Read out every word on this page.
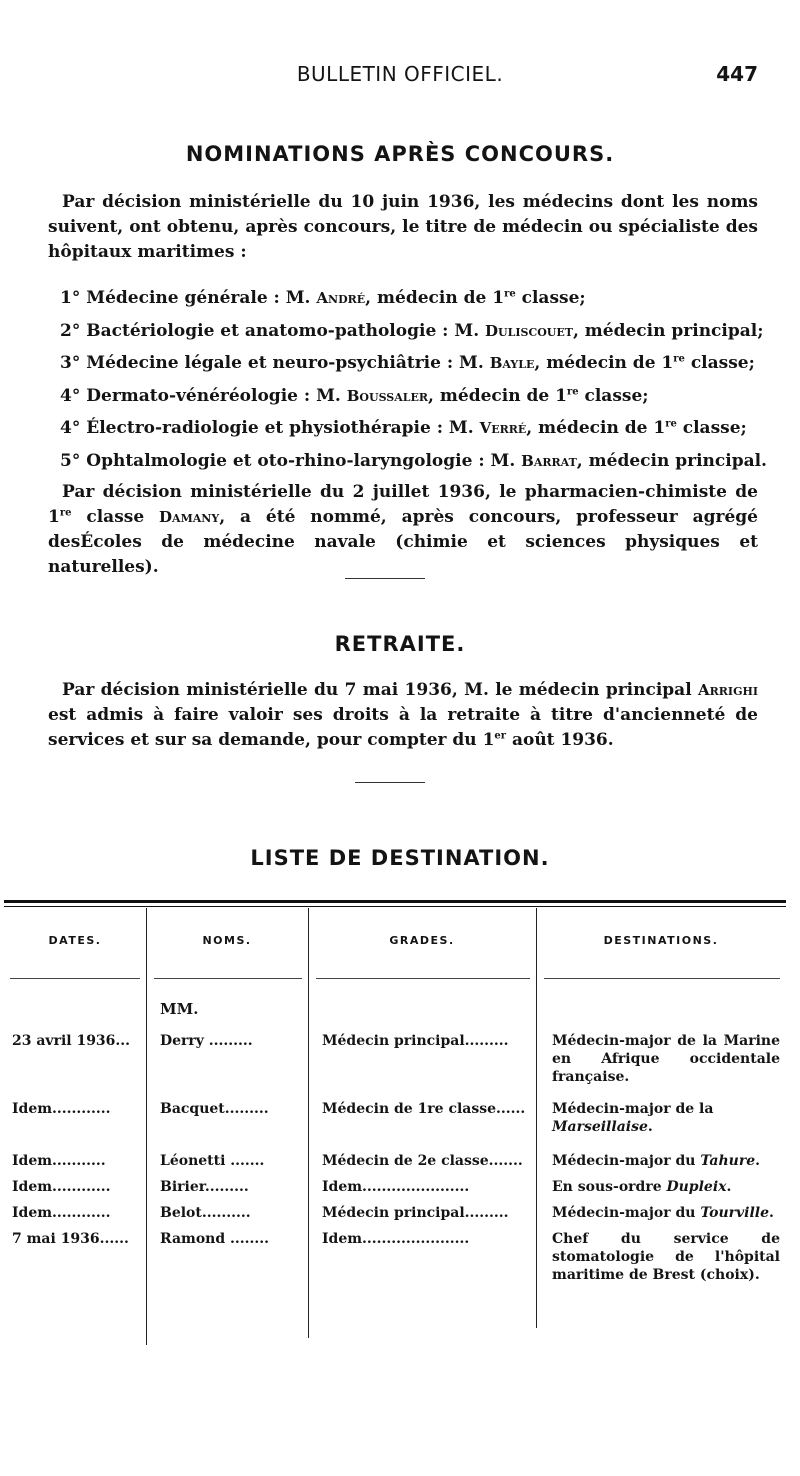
BULLETIN OFFICIEL.	447
NOMINATIONS APRÈS CONCOURS.

Par décision ministérielle du 10 juin 1936, les médecins dont les noms suivent, ont obtenu, après concours, le titre de médecin ou spécialiste des hôpitaux maritimes :

1° Médecine générale : M. André, médecin de 1re classe;
2° Bactériologie et anatomo-pathologie : M. Duliscouet, médecin principal;
3° Médecine légale et neuro-psychiâtrie : M. Bayle, médecin de 1re classe;
4° Dermato-vénéréologie : M. Boussaler, médecin de 1re classe;
4° Électro-radiologie et physiothérapie : M. Verré, médecin de 1re classe;
5° Ophtalmologie et oto-rhino-laryngologie : M. Barrat, médecin principal.

Par décision ministérielle du 2 juillet 1936, le pharmacien-chimiste de 1re classe Damany, a été nommé, après concours, professeur agrégé desÉcoles de médecine navale (chimie et sciences physiques et naturelles).

RETRAITE.

Par décision ministérielle du 7 mai 1936, M. le médecin principal Arrighi est admis à faire valoir ses droits à la retraite à titre d'ancienneté de services et sur sa demande, pour compter du 1er août 1936.

LISTE DE DESTINATION.
DATES.	NOMS.	GRADES.	DESTINATIONS.
MM.
23 avril 1936... Derry .........	Médecin principal.........	Médecin-major de la Marine en Afrique occidentale française.
Idem............	Bacquet.........	Médecin de 1re classe...... Médecin-major de la Marseillaise.
Idem...........	Léonetti .......	Médecin de 2e classe....... Médecin-major du Tahure.
Idem............	Birier.........	Idem......................	En sous-ordre Dupleix.
Idem............	Belot..........	Médecin principal.........	Médecin-major du Tourville.
7 mai 1936...... Ramond ........	Idem......................	Chef du service de stomatologie de l'hôpital maritime de Brest (choix).
